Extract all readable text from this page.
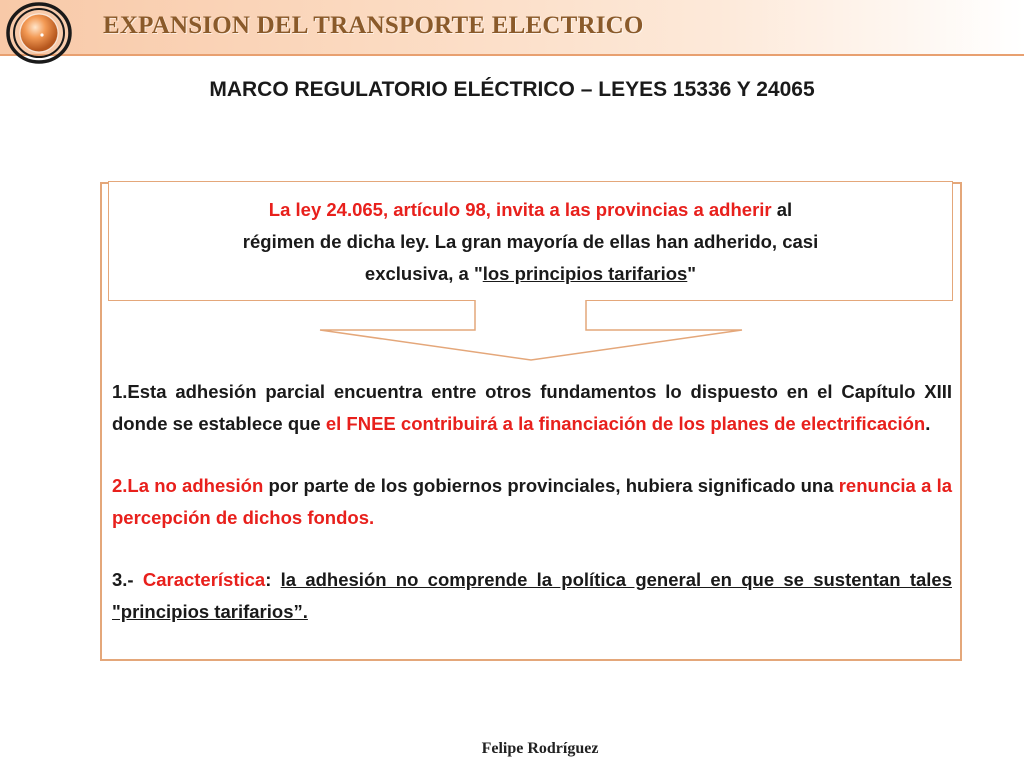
EXPANSION DEL TRANSPORTE ELECTRICO
MARCO REGULATORIO ELÉCTRICO – LEYES 15336 Y 24065
La ley 24.065, artículo 98, invita a las provincias a adherir al
régimen de dicha ley. La gran mayoría de ellas han adherido, casi
exclusiva, a "los principios tarifarios"

1.Esta adhesión parcial encuentra entre otros fundamentos lo dispuesto en el Capítulo XIII donde se establece que el FNEE contribuirá a la financiación de los planes de electrificación.

2.La no adhesión por parte de los gobiernos provinciales, hubiera significado una renuncia a la percepción de dichos fondos.

3.- Característica: la adhesión no comprende la política general en que se sustentan tales "principios tarifarios”.

Felipe Rodríguez
